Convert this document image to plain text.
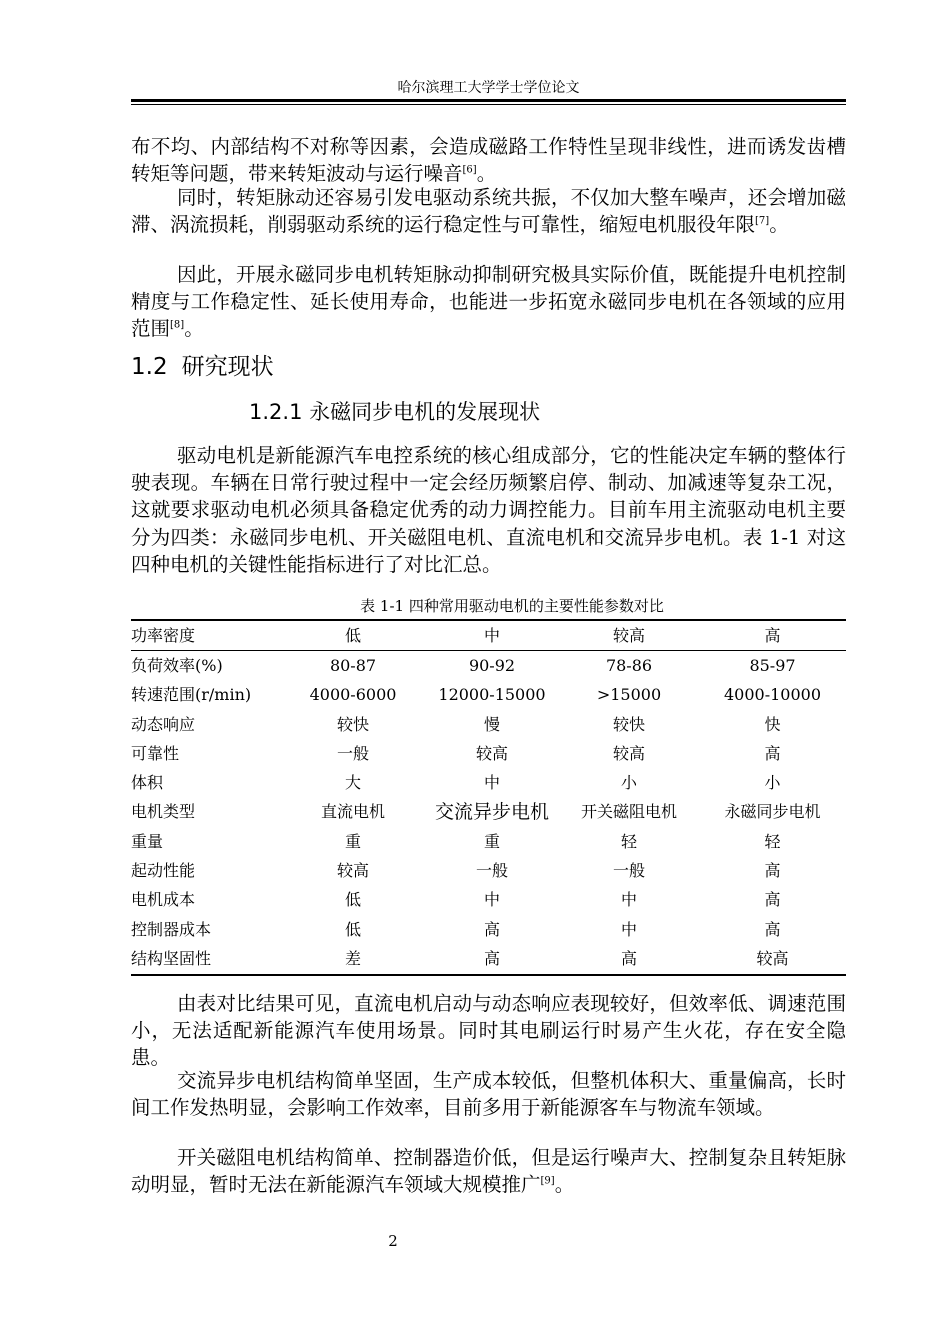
哈尔滨理工大学学士学位论文

布不均、内部结构不对称等因素，会造成磁路工作特性呈现非线性，进而诱发齿槽转矩等问题，带来转矩波动与运行噪音[6]。

同时，转矩脉动还容易引发电驱动系统共振，不仅加大整车噪声，还会增加磁滞、涡流损耗，削弱驱动系统的运行稳定性与可靠性，缩短电机服役年限[7]。

因此，开展永磁同步电机转矩脉动抑制研究极具实际价值，既能提升电机控制精度与工作稳定性、延长使用寿命，也能进一步拓宽永磁同步电机在各领域的应用范围[8]。

1.2 研究现状
1.2.1 永磁同步电机的发展现状

驱动电机是新能源汽车电控系统的核心组成部分，它的性能决定车辆的整体行驶表现。车辆在日常行驶过程中一定会经历频繁启停、制动、加减速等复杂工况，这就要求驱动电机必须具备稳定优秀的动力调控能力。目前车用主流驱动电机主要分为四类：永磁同步电机、开关磁阻电机、直流电机和交流异步电机。表 1-1 对这四种电机的关键性能指标进行了对比汇总。

表 1-1 四种常用驱动电机的主要性能参数对比
功率密度	低	中	较高	高
负荷效率(%)	80-87	90-92	78-86	85-97
转速范围(r/min)	4000-6000	12000-15000	>15000	4000-10000
动态响应	较快	慢	较快	快
可靠性	一般	较高	较高	高
体积	大	中	小	小
电机类型	直流电机	交流异步电机	开关磁阻电机	永磁同步电机
重量	重	重	轻	轻
起动性能	较高	一般	一般	高
电机成本	低	中	中	高
控制器成本	低	高	中	高
结构坚固性	差	高	高	较高

由表对比结果可见，直流电机启动与动态响应表现较好，但效率低、调速范围小，无法适配新能源汽车使用场景。同时其电刷运行时易产生火花，存在安全隐患。

交流异步电机结构简单坚固，生产成本较低，但整机体积大、重量偏高，长时间工作发热明显，会影响工作效率，目前多用于新能源客车与物流车领域。

开关磁阻电机结构简单、控制器造价低，但是运行噪声大、控制复杂且转矩脉动明显，暂时无法在新能源汽车领域大规模推广[9]。

2
